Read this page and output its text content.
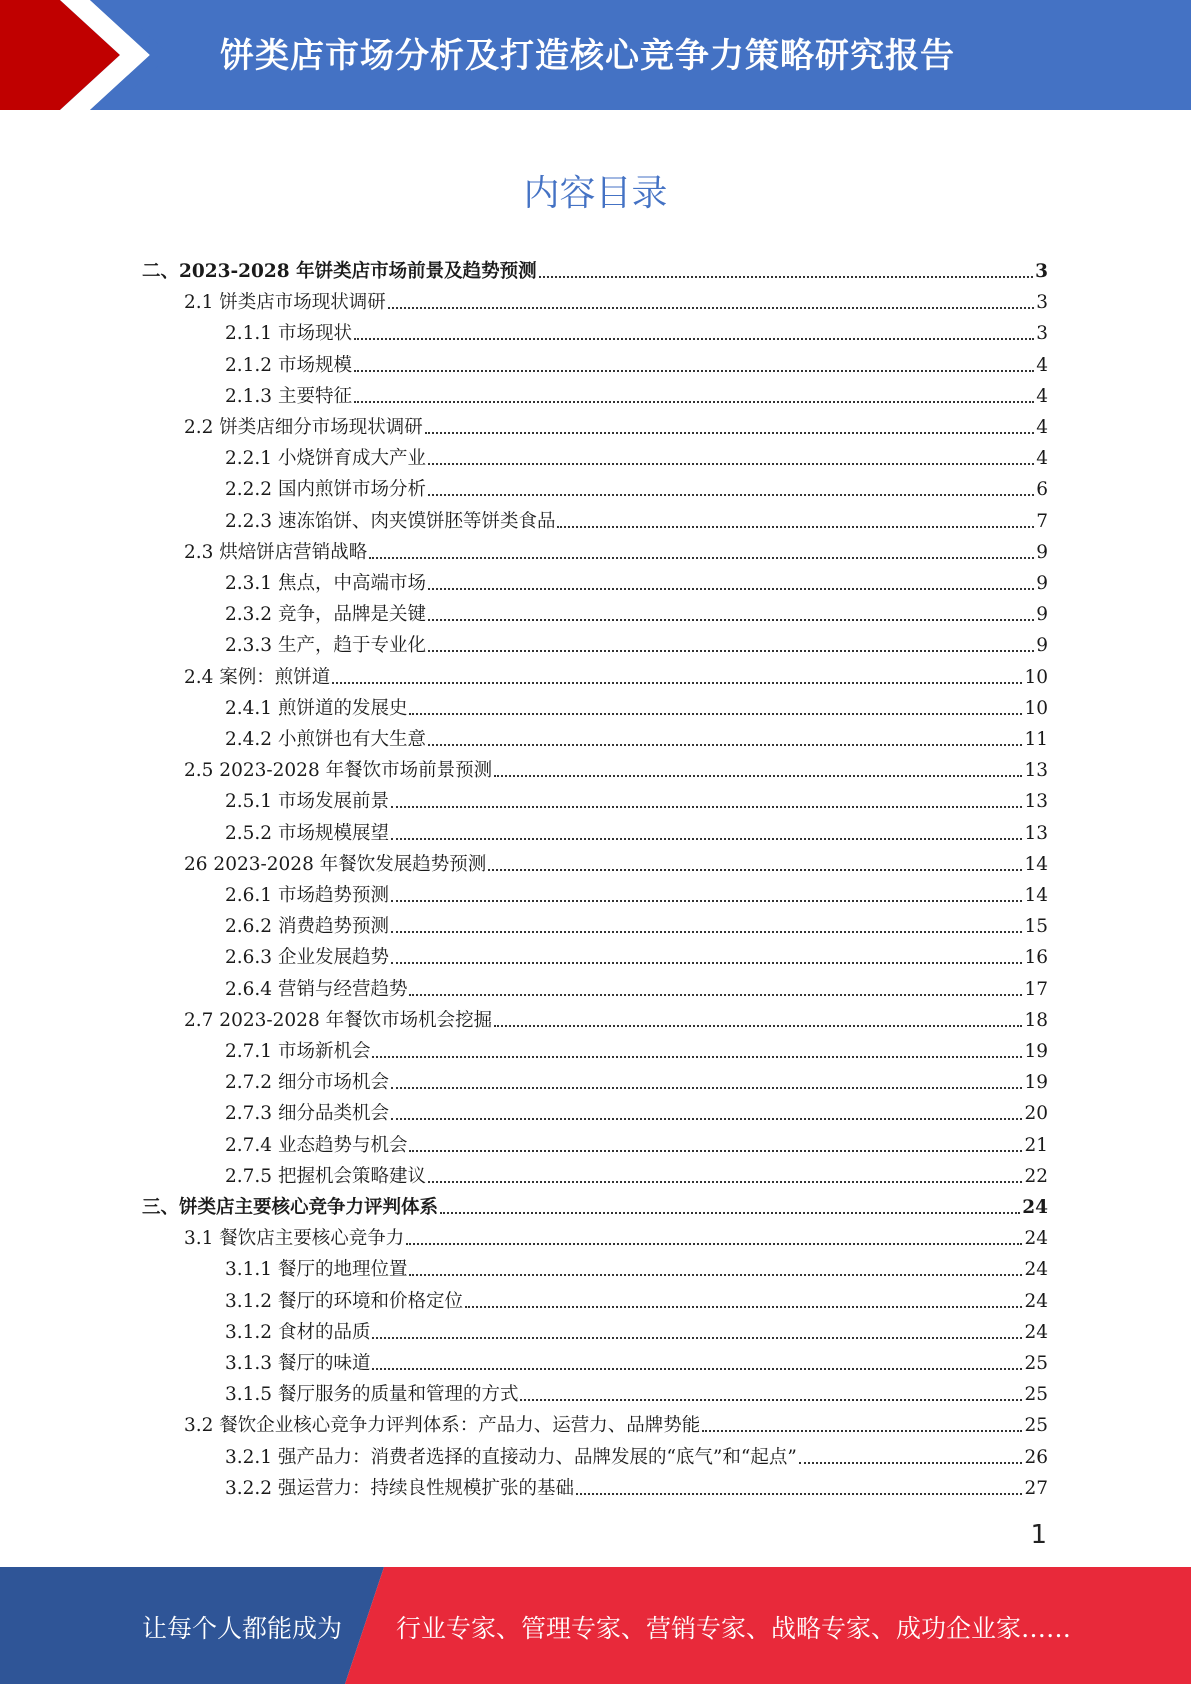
饼类店市场分析及打造核心竞争力策略研究报告
内容目录
二、2023-2028 年饼类店市场前景及趋势预测	3
2.1 饼类店市场现状调研	3
2.1.1 市场现状	3
2.1.2 市场规模	4
2.1.3 主要特征	4
2.2 饼类店细分市场现状调研	4
2.2.1 小烧饼育成大产业	4
2.2.2 国内煎饼市场分析	6
2.2.3 速冻馅饼、肉夹馍饼胚等饼类食品	7
2.3 烘焙饼店营销战略	9
2.3.1 焦点，中高端市场	9
2.3.2 竞争，品牌是关键	9
2.3.3 生产，趋于专业化	9
2.4 案例：煎饼道	10
2.4.1 煎饼道的发展史	10
2.4.2 小煎饼也有大生意	11
2.5 2023-2028 年餐饮市场前景预测	13
2.5.1 市场发展前景	13
2.5.2 市场规模展望	13
26 2023-2028 年餐饮发展趋势预测	14
2.6.1 市场趋势预测	14
2.6.2 消费趋势预测	15
2.6.3 企业发展趋势	16
2.6.4 营销与经营趋势	17
2.7 2023-2028 年餐饮市场机会挖掘	18
2.7.1 市场新机会	19
2.7.2 细分市场机会	19
2.7.3 细分品类机会	20
2.7.4 业态趋势与机会	21
2.7.5 把握机会策略建议	22
三、饼类店主要核心竞争力评判体系	24
3.1 餐饮店主要核心竞争力	24
3.1.1 餐厅的地理位置	24
3.1.2 餐厅的环境和价格定位	24
3.1.2 食材的品质	24
3.1.3 餐厅的味道	25
3.1.5 餐厅服务的质量和管理的方式	25
3.2 餐饮企业核心竞争力评判体系：产品力、运营力、品牌势能	25
3.2.1 强产品力：消费者选择的直接动力、品牌发展的“底气”和“起点”	26
3.2.2 强运营力：持续良性规模扩张的基础	27
1
让每个人都能成为 行业专家、管理专家、营销专家、战略专家、成功企业家……
